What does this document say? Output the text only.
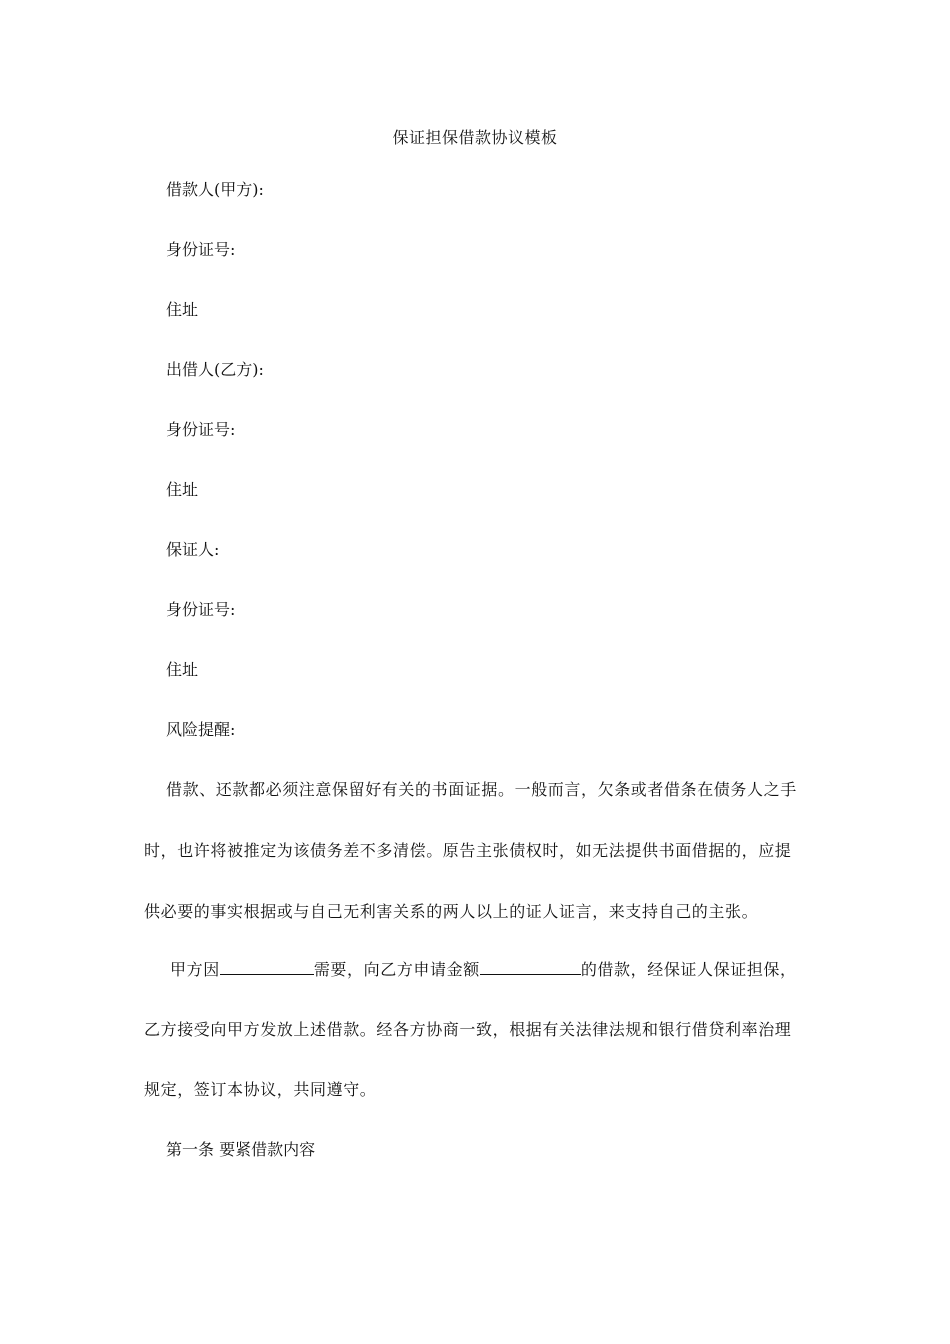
保证担保借款协议模板
借款人(甲方):
身份证号:
住址
出借人(乙方):
身份证号:
住址
保证人:
身份证号:
住址
风险提醒:
借款、还款都必须注意保留好有关的书面证据。一般而言，欠条或者借条在债务人之手
时，也许将被推定为该债务差不多清偿。原告主张债权时，如无法提供书面借据的，应提
供必要的事实根据或与自己无利害关系的两人以上的证人证言，来支持自己的主张。
甲方因	需要，向乙方申请金额	的借款，经保证人保证担保，
乙方接受向甲方发放上述借款。经各方协商一致，根据有关法律法规和银行借贷利率治理
规定，签订本协议，共同遵守。
第一条 要紧借款内容
